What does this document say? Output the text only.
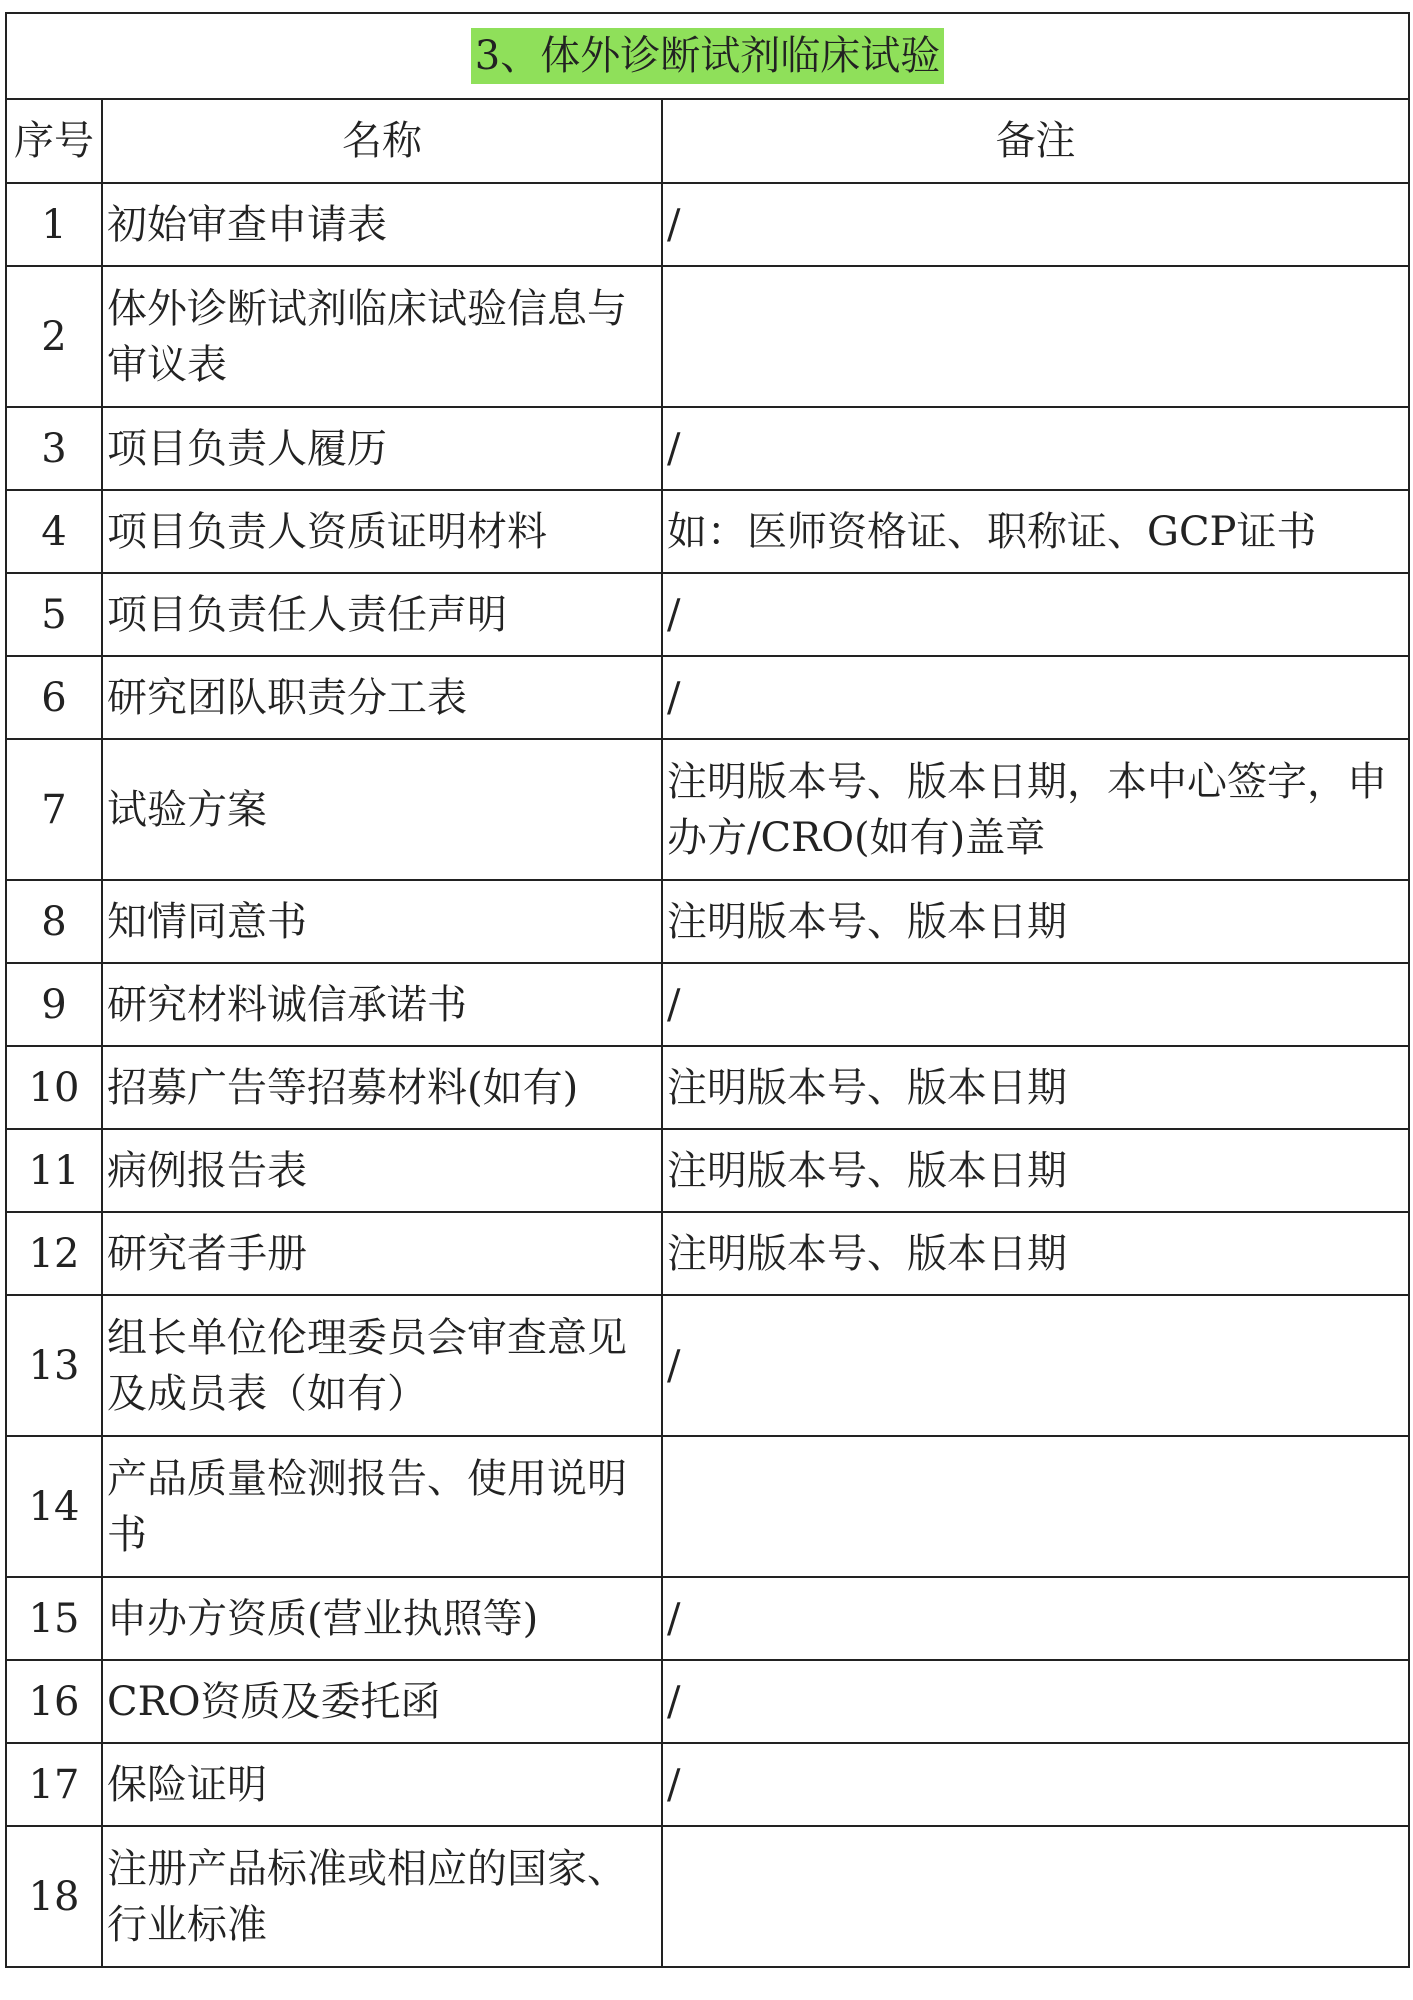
3、体外诊断试剂临床试验		
序号	名称	备注
1	初始审查申请表	/
2	体外诊断试剂临床试验信息与审议表	
3	项目负责人履历	/
4	项目负责人资质证明材料	如：医师资格证、职称证、GCP证书
5	项目负责任人责任声明	/
6	研究团队职责分工表	/
7	试验方案	注明版本号、版本日期，本中心签字，申办方/CRO(如有)盖章
8	知情同意书	注明版本号、版本日期
9	研究材料诚信承诺书	/
10	招募广告等招募材料(如有)	注明版本号、版本日期
11	病例报告表	注明版本号、版本日期
12	研究者手册	注明版本号、版本日期
13	组长单位伦理委员会审查意见及成员表（如有）	/
14	产品质量检测报告、使用说明书	
15	申办方资质(营业执照等)	/
16	CRO资质及委托函	/
17	保险证明	/
18	注册产品标准或相应的国家、行业标准	
